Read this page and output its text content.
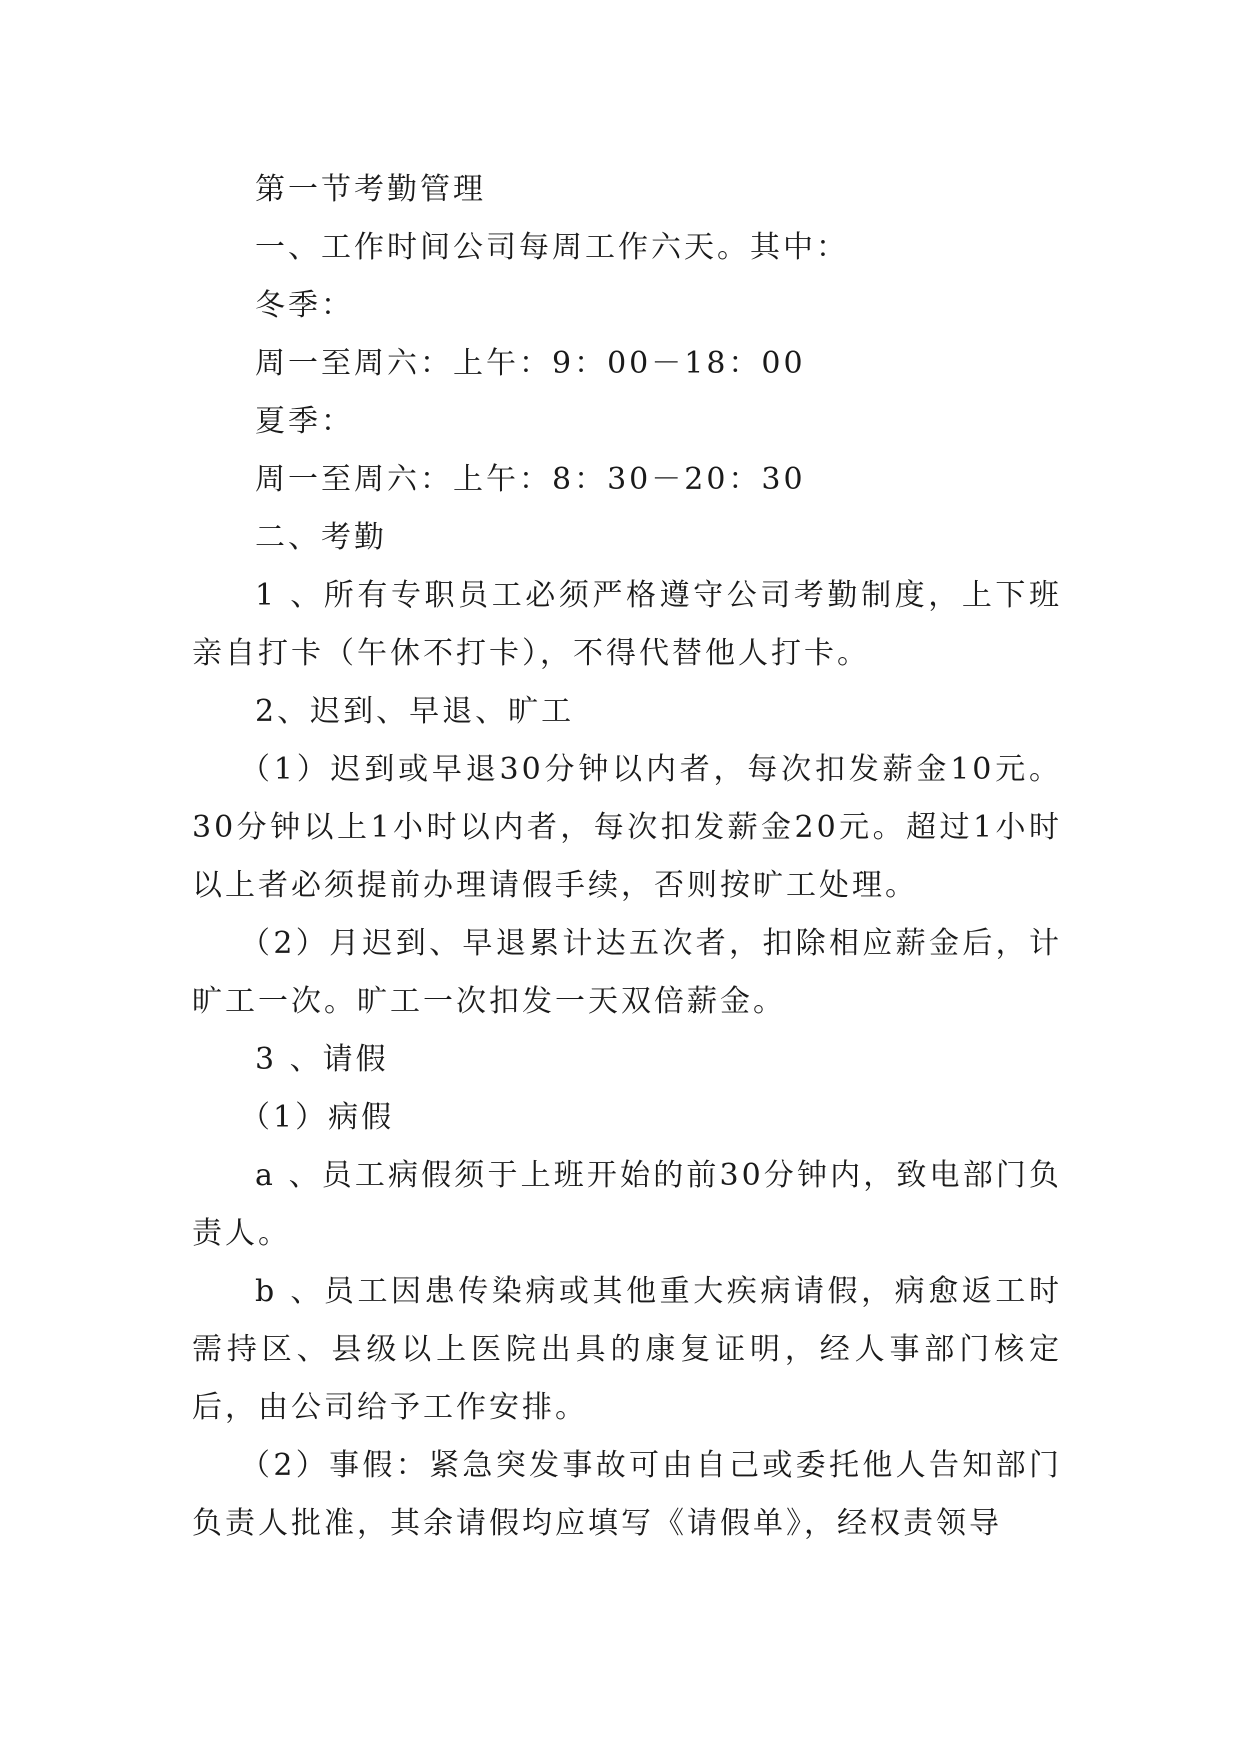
第一节考勤管理

一、工作时间公司每周工作六天。其中：

冬季：

周一至周六：上午：9：00－18：00

夏季：

周一至周六：上午：8：30－20：30

二、考勤

1 、所有专职员工必须严格遵守公司考勤制度，上下班亲自打卡（午休不打卡），不得代替他人打卡。

2、迟到、早退、旷工

（1）迟到或早退30分钟以内者，每次扣发薪金10元。30分钟以上1小时以内者，每次扣发薪金20元。超过1小时以上者必须提前办理请假手续，否则按旷工处理。

（2）月迟到、早退累计达五次者，扣除相应薪金后，计旷工一次。旷工一次扣发一天双倍薪金。

3 、请假

（1）病假

a 、员工病假须于上班开始的前30分钟内，致电部门负责人。

b 、员工因患传染病或其他重大疾病请假，病愈返工时需持区、县级以上医院出具的康复证明，经人事部门核定后，由公司给予工作安排。

（2）事假：紧急突发事故可由自己或委托他人告知部门负责人批准，其余请假均应填写《请假单》，经权责领导
